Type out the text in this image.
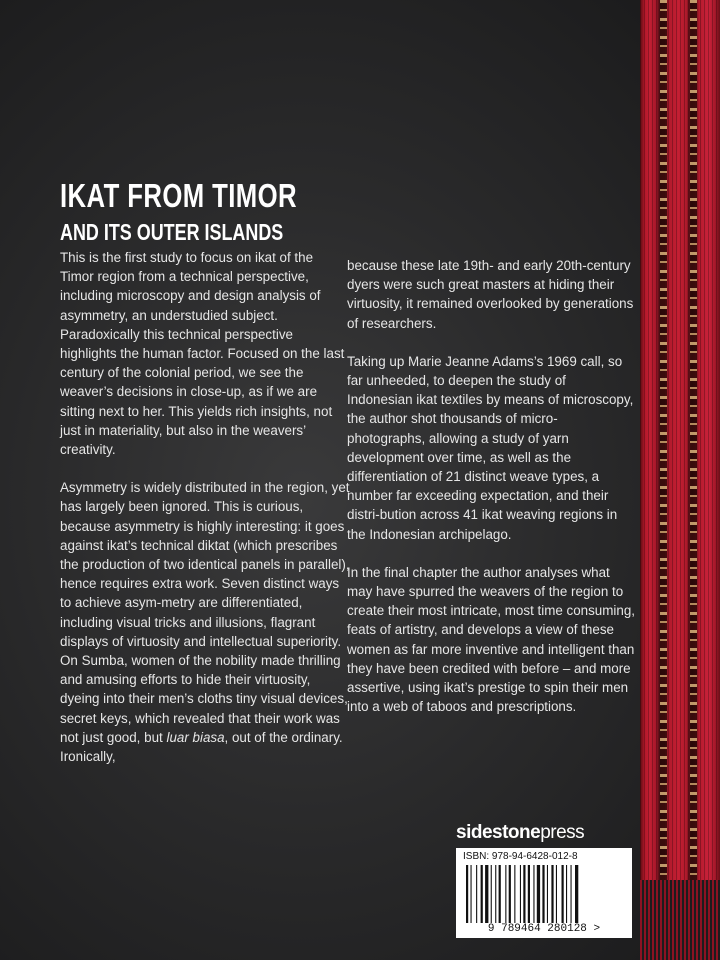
IKAT FROM TIMOR
AND ITS OUTER ISLANDS

This is the first study to focus on ikat of the Timor region from a technical perspective, including microscopy and design analysis of asymmetry, an understudied subject. Paradoxically this technical perspective highlights the human factor. Focused on the last century of the colonial period, we see the weaver’s decisions in close-up, as if we are sitting next to her. This yields rich insights, not just in materiality, but also in the weavers’ creativity.

Asymmetry is widely distributed in the region, yet has largely been ignored. This is curious, because asymmetry is highly interesting: it goes against ikat’s technical diktat (which prescribes the production of two identical panels in parallel), hence requires extra work. Seven distinct ways to achieve asym-metry are differentiated, including visual tricks and illusions, flagrant displays of virtuosity and intellectual superiority. On Sumba, women of the nobility made thrilling and amusing efforts to hide their virtuosity, dyeing into their men’s cloths tiny visual devices, secret keys, which revealed that their work was not just good, but luar biasa, out of the ordinary. Ironically,

because these late 19th- and early 20th-century dyers were such great masters at hiding their virtuosity, it remained overlooked by generations of researchers.

Taking up Marie Jeanne Adams’s 1969 call, so far unheeded, to deepen the study of Indonesian ikat textiles by means of microscopy, the author shot thousands of micro-photographs, allowing a study of yarn development over time, as well as the differentiation of 21 distinct weave types, a number far exceeding expectation, and their distri-bution across 41 ikat weaving regions in the Indonesian archipelago.

In the final chapter the author analyses what may have spurred the weavers of the region to create their most intricate, most time consuming, feats of artistry, and develops a view of these women as far more inventive and intelligent than they have been credited with before – and more assertive, using ikat’s prestige to spin their men into a web of taboos and prescriptions.

sidestonepress
ISBN: 978-94-6428-012-8
9 789464 280128 >
